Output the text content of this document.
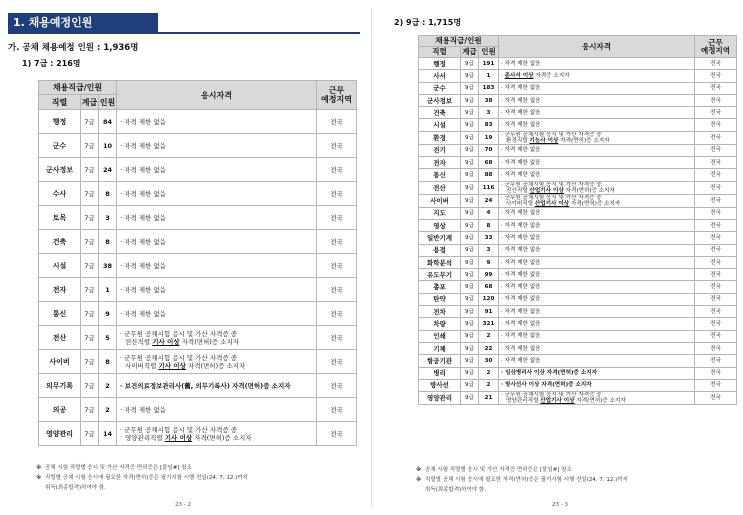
1. 채용예정인원
가. 공채 채용예정 인원 : 1,936명
1) 7급 : 216명
채용직급/인원			응시자격	근무
예정지역
직렬	계급	인원		
행정	7급	84	· 자격 제한 없음	전국
군수	7급	10	· 자격 제한 없음	전국
군사정보	7급	24	· 자격 제한 없음	전국
수사	7급	8	· 자격 제한 없음	전국
토목	7급	3	· 자격 제한 없음	전국
건축	7급	8	· 자격 제한 없음	전국
시설	7급	38	· 자격 제한 없음	전국
전자	7급	1	· 자격 제한 없음	전국
통신	7급	9	· 자격 제한 없음	전국
전산	7급	5	· 군무원 공채시험 응시 및 가산 자격증 중
전산직렬 기사 이상 자격(면허)증 소지자	전국
사이버	7급	8	· 군무원 공채시험 응시 및 가산 자격증 중
사이버직렬 기사 이상 자격(면허)증 소지자	전국
의무기록	7급	2	· 보건의료정보관리사(舊, 의무기록사) 자격(면허)증 소지자	전국
의공	7급	2	· 자격 제한 없음	전국
영양관리	7급	14	· 군무원 공채시험 응시 및 가산 자격증 중
영양관리직렬 기사 이상 자격(면허)증 소지자	전국
※ 공채 시험 직렬별 응시 및 가산 자격증·면허증은 [붙임#] 참조
※ 직렬별 공채 시험 응시에 필요한 자격(면허)증은 필기시험 시행 전일(24. 7. 12.)까지
취득(최종합격)하여야 함.
23 - 2
2) 9급 : 1,715명
채용직급/인원			응시자격	근무
예정지역
직렬	계급	인원		
행정	9급	191	· 자격 제한 없음	전국
사서	9급	1	· 준사서 이상 자격증 소지자	전국
군수	9급	183	· 자격 제한 없음	전국
군사정보	9급	38	· 자격 제한 없음	전국
건축	9급	3	· 자격 제한 없음	전국
시설	9급	83	· 자격 제한 없음	전국
환경	9급	19	· 군무원 공채시험 응시 및 가산 자격증 중
환경직렬 기능사 이상 자격(면허)증 소지자	전국
전기	9급	70	· 자격 제한 없음	전국
전자	9급	68	· 자격 제한 없음	전국
통신	9급	88	· 자격 제한 없음	전국
전산	9급	116	· 군무원 공채시험 응시 및 가산 자격증 중
전산직렬 산업기사 이상 자격(면허)증 소지자	전국
사이버	9급	24	· 군무원 공채시험 응시 및 가산 자격증 중
사이버직렬 산업기사 이상 자격(면허)증 소지자	전국
지도	9급	4	· 자격 제한 없음	전국
영상	9급	8	· 자격 제한 없음	전국
일반기계	9급	33	· 자격 제한 없음	전국
용접	9급	3	· 자격 제한 없음	전국
화학분석	9급	9	· 자격 제한 없음	전국
유도무기	9급	99	· 자격 제한 없음	전국
총포	9급	68	· 자격 제한 없음	전국
탄약	9급	120	· 자격 제한 없음	전국
전차	9급	91	· 자격 제한 없음	전국
차량	9급	321	· 자격 제한 없음	전국
인쇄	9급	2	· 자격 제한 없음	전국
기체	9급	22	· 자격 제한 없음	전국
항공기관	9급	30	· 자격 제한 없음	전국
병리	9급	2	· 임상병리사 이상 자격(면허)증 소지자	전국
방사선	9급	2	· 방사선사 이상 자격(면허)증 소지자	전국
영양관리	9급	21	· 군무원 공채시험 응시 및 가산 자격증 중
영양관리직렬 산업기사 이상 자격(면허)증 소지자	전국
※ 공채 시험 직렬별 응시 및 가산 자격증·면허증은 [붙임#] 참조
※ 직렬별 공채 시험 응시에 필요한 자격(면허)증은 필기시험 시행 전일(24. 7. 12.)까지
취득(최종합격)하여야 함.
23 - 3
